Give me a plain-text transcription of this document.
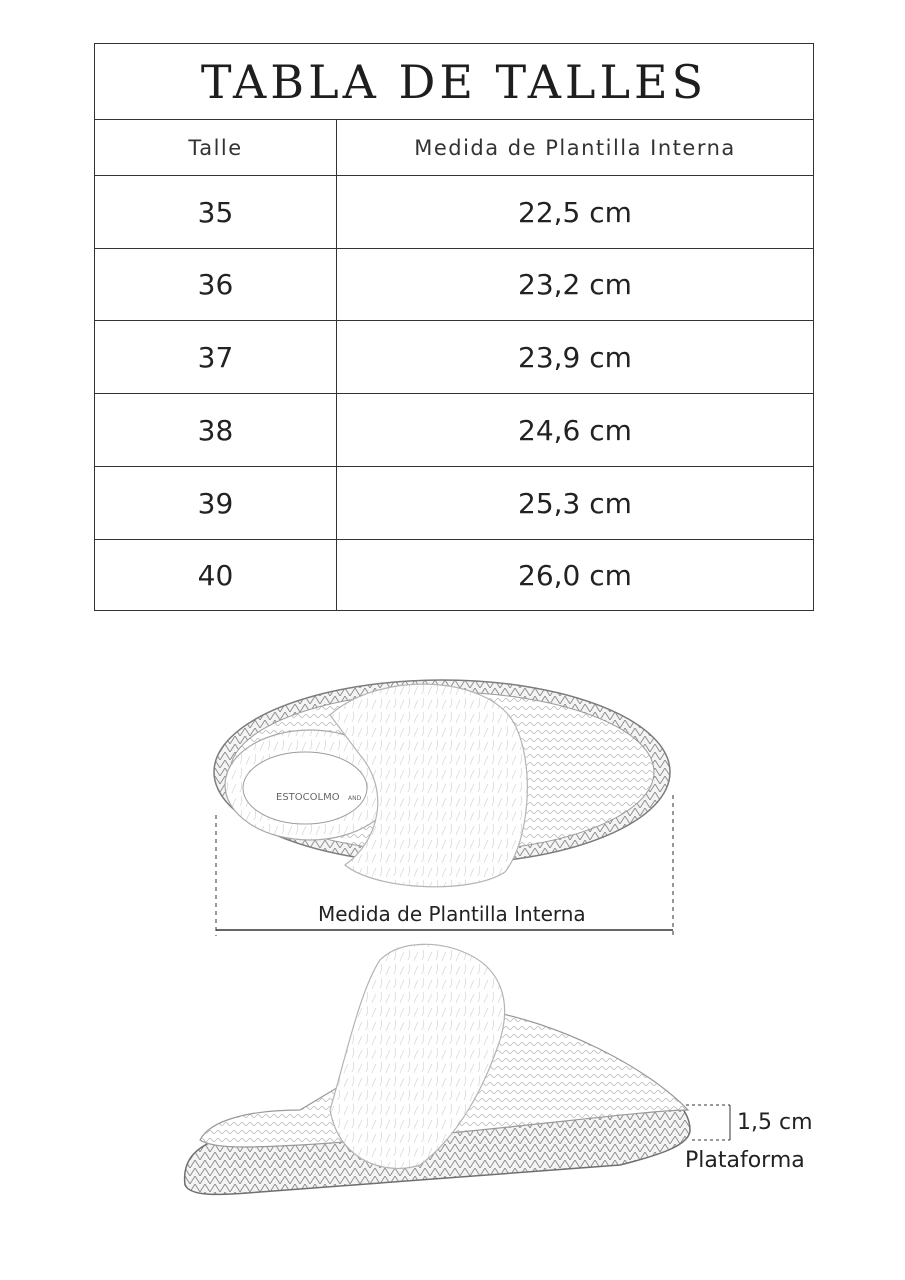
TABLA DE TALLES
Talle	Medida de Plantilla Interna
35	22,5 cm
36	23,2 cm
37	23,9 cm
38	24,6 cm
39	25,3 cm
40	26,0 cm
ESTOCOLMO AND
Medida de Plantilla Interna
1,5 cm
Plataforma
